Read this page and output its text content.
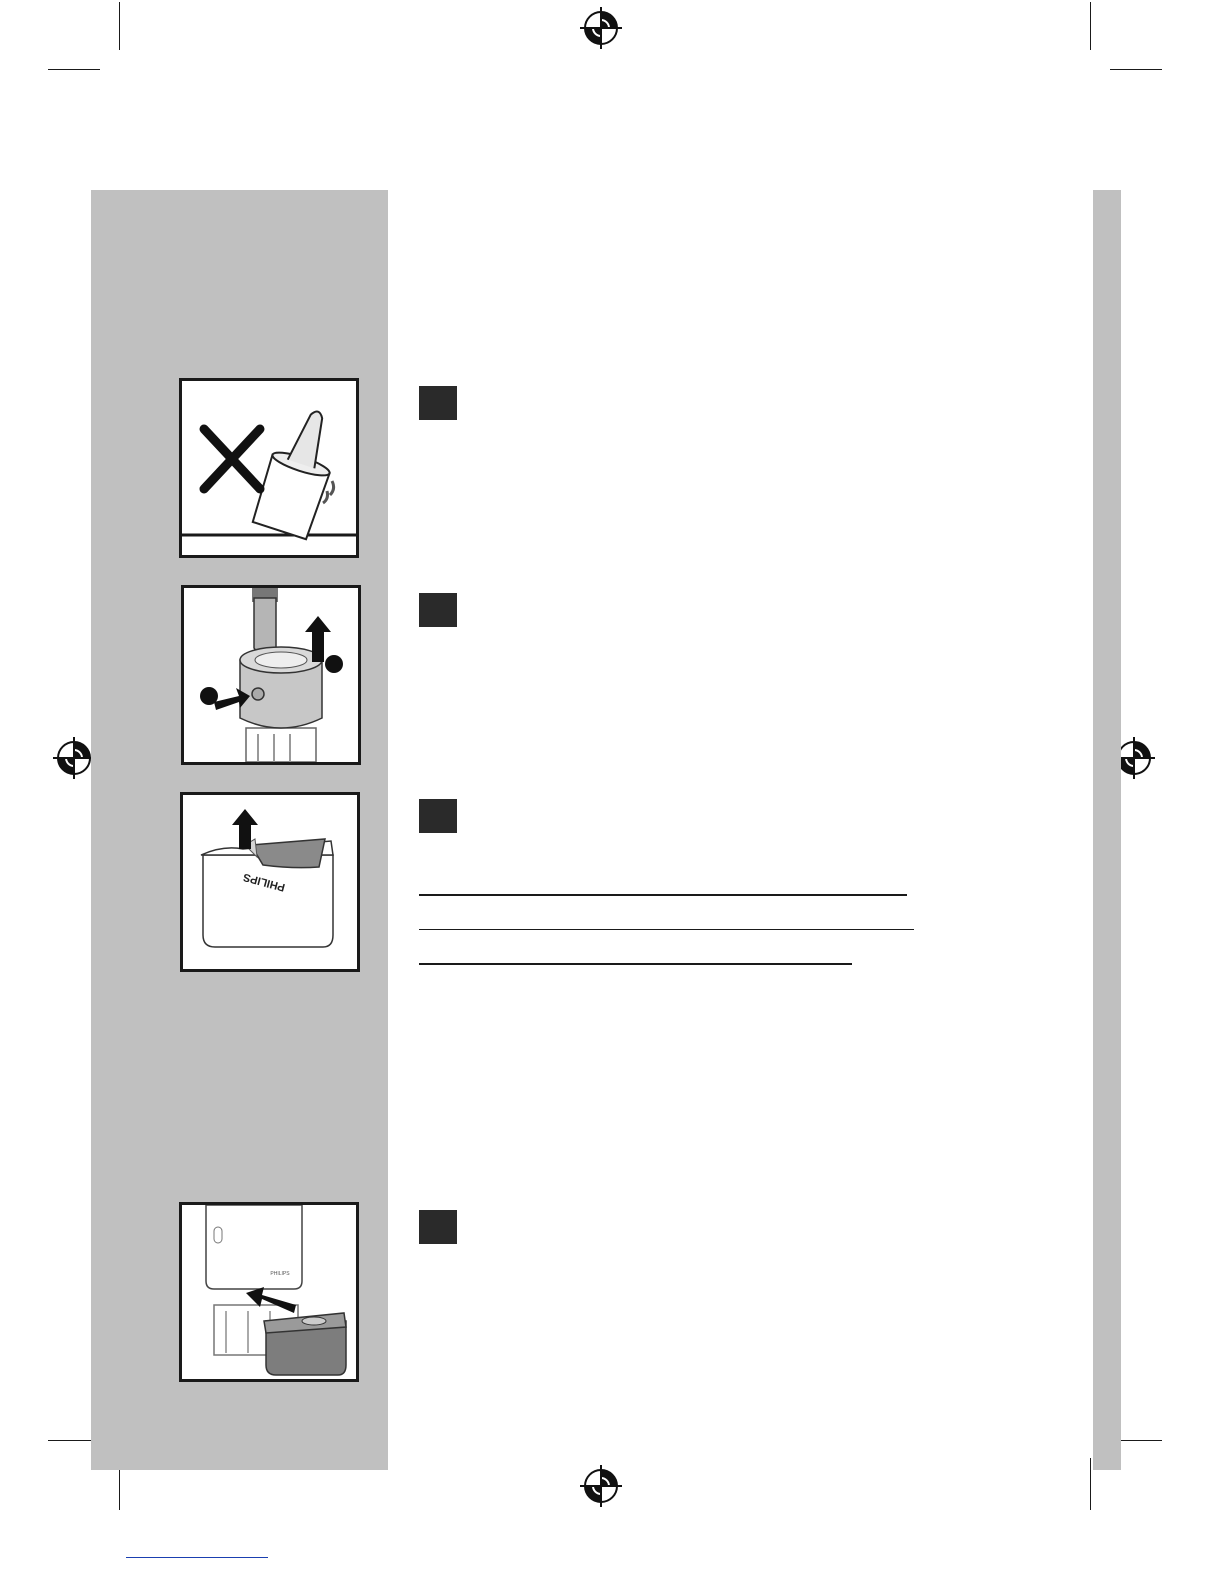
PHILIPS
PHILIPS
